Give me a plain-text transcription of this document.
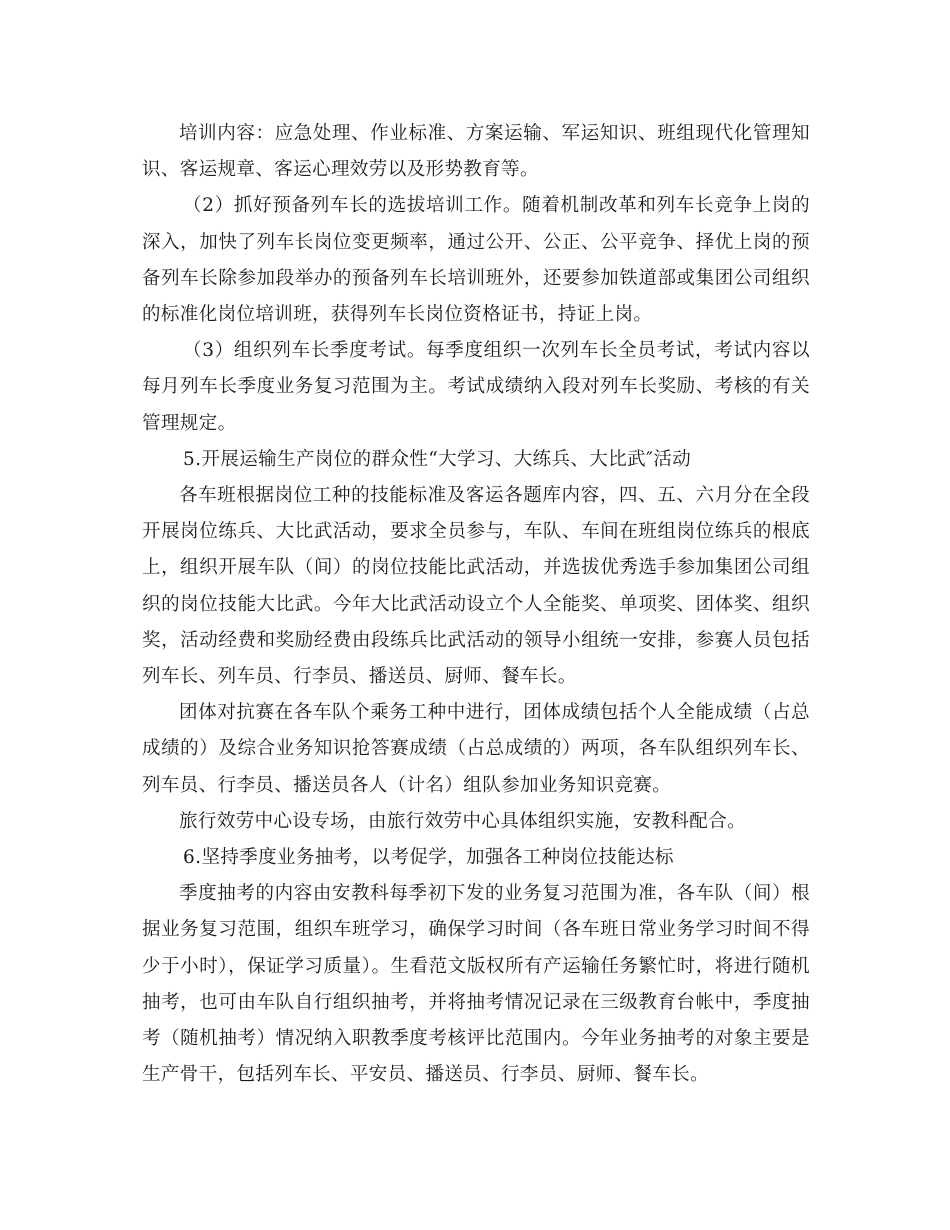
培训内容：应急处理、作业标准、方案运输、军运知识、班组现代化管理知识、客运规章、客运心理效劳以及形势教育等。

（2）抓好预备列车长的选拔培训工作。随着机制改革和列车长竞争上岗的深入，加快了列车长岗位变更频率，通过公开、公正、公平竞争、择优上岗的预备列车长除参加段举办的预备列车长培训班外，还要参加铁道部或集团公司组织的标准化岗位培训班，获得列车长岗位资格证书，持证上岗。

（3）组织列车长季度考试。每季度组织一次列车长全员考试，考试内容以每月列车长季度业务复习范围为主。考试成绩纳入段对列车长奖励、考核的有关管理规定。

5.开展运输生产岗位的群众性“大学习、大练兵、大比武″活动

各车班根据岗位工种的技能标准及客运各题库内容，四、五、六月分在全段开展岗位练兵、大比武活动，要求全员参与，车队、车间在班组岗位练兵的根底上，组织开展车队（间）的岗位技能比武活动，并选拔优秀选手参加集团公司组织的岗位技能大比武。今年大比武活动设立个人全能奖、单项奖、团体奖、组织奖，活动经费和奖励经费由段练兵比武活动的领导小组统一安排，参赛人员包括列车长、列车员、行李员、播送员、厨师、餐车长。

团体对抗赛在各车队个乘务工种中进行，团体成绩包括个人全能成绩（占总成绩的）及综合业务知识抢答赛成绩（占总成绩的）两项，各车队组织列车长、列车员、行李员、播送员各人（计名）组队参加业务知识竞赛。

旅行效劳中心设专场，由旅行效劳中心具体组织实施，安教科配合。

6.坚持季度业务抽考，以考促学，加强各工种岗位技能达标

季度抽考的内容由安教科每季初下发的业务复习范围为准，各车队（间）根据业务复习范围，组织车班学习，确保学习时间（各车班日常业务学习时间不得少于小时），保证学习质量）。生看范文版权所有产运输任务繁忙时，将进行随机抽考，也可由车队自行组织抽考，并将抽考情况记录在三级教育台帐中，季度抽考（随机抽考）情况纳入职教季度考核评比范围内。今年业务抽考的对象主要是生产骨干，包括列车长、平安员、播送员、行李员、厨师、餐车长。
